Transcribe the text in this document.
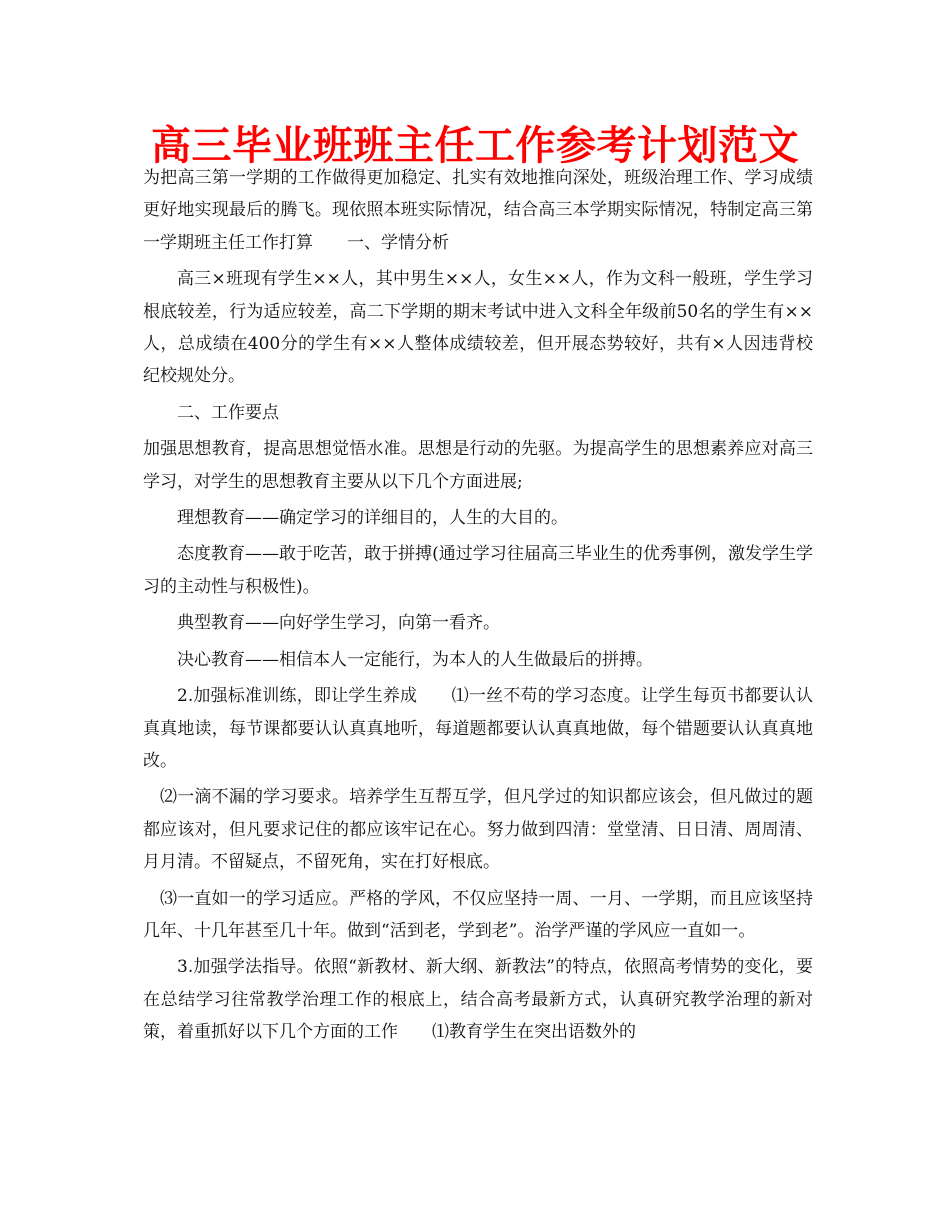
高三毕业班班主任工作参考计划范文

为把高三第一学期的工作做得更加稳定、扎实有效地推向深处，班级治理工作、学习成绩更好地实现最后的腾飞。现依照本班实际情况，结合高三本学期实际情况，特制定高三第一学期班主任工作打算　　一、学情分析

高三×班现有学生××人，其中男生××人，女生××人，作为文科一般班，学生学习根底较差，行为适应较差，高二下学期的期末考试中进入文科全年级前50名的学生有××人，总成绩在400分的学生有××人整体成绩较差，但开展态势较好，共有×人因违背校纪校规处分。

二、工作要点

加强思想教育，提高思想觉悟水准。思想是行动的先驱。为提高学生的思想素养应对高三学习，对学生的思想教育主要从以下几个方面进展;

理想教育——确定学习的详细目的，人生的大目的。

态度教育——敢于吃苦，敢于拼搏(通过学习往届高三毕业生的优秀事例，激发学生学习的主动性与积极性)。

典型教育——向好学生学习，向第一看齐。

决心教育——相信本人一定能行，为本人的人生做最后的拼搏。

2.加强标准训练，即让学生养成　　⑴一丝不苟的学习态度。让学生每页书都要认认真真地读，每节课都要认认真真地听，每道题都要认认真真地做，每个错题要认认真真地改。

⑵一滴不漏的学习要求。培养学生互帮互学，但凡学过的知识都应该会，但凡做过的题都应该对，但凡要求记住的都应该牢记在心。努力做到四清：堂堂清、日日清、周周清、月月清。不留疑点，不留死角，实在打好根底。

⑶一直如一的学习适应。严格的学风，不仅应坚持一周、一月、一学期，而且应该坚持几年、十几年甚至几十年。做到“活到老，学到老”。治学严谨的学风应一直如一。

3.加强学法指导。依照“新教材、新大纲、新教法”的特点，依照高考情势的变化，要在总结学习往常教学治理工作的根底上，结合高考最新方式，认真研究教学治理的新对策，着重抓好以下几个方面的工作　　⑴教育学生在突出语数外的
